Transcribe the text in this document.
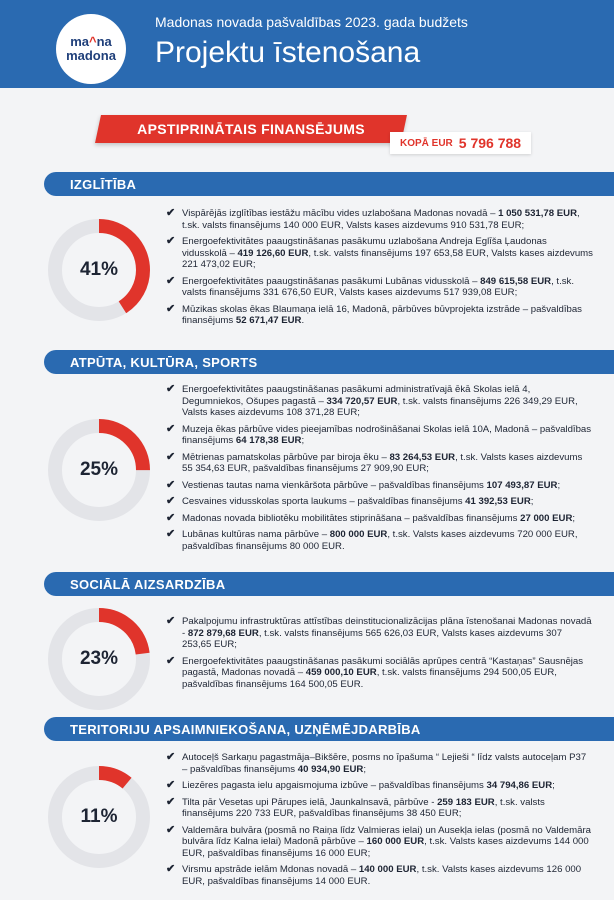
ma^na
madona
Madonas novada pašvaldības 2023. gada budžets
Projektu īstenošana
APSTIPRINĀTAIS FINANSĒJUMS
KOPĀ EUR 5 796 788
IZGLĪTĪBA
41%
✔ Vispārējās izglītības iestāžu mācību vides uzlabošana Madonas novadā – 1 050 531,78 EUR, t.sk. valsts finansējums 140 000 EUR, Valsts kases aizdevums 910 531,78 EUR;
✔ Energoefektivitātes paaugstināšanas pasākumu uzlabošana Andreja Eglīša Ļaudonas vidusskolā – 419 126,60 EUR, t.sk. valsts finansējums 197 653,58 EUR, Valsts kases aizdevums 221 473,02 EUR;
✔ Energoefektivitātes paaugstināšanas pasākumi Lubānas vidusskolā – 849 615,58 EUR, t.sk. valsts finansējums 331 676,50 EUR, Valsts kases aizdevums 517 939,08 EUR;
✔ Mūzikas skolas ēkas Blaumaņa ielā 16, Madonā, pārbūves būvprojekta izstrāde – pašvaldības finansējums 52 671,47 EUR.
ATPŪTA, KULTŪRA, SPORTS
25%
✔ Energoefektivitātes paaugstināšanas pasākumi administratīvajā ēkā Skolas ielā 4, Degumniekos, Ošupes pagastā – 334 720,57 EUR, t.sk. valsts finansējums 226 349,29 EUR, Valsts kases aizdevums 108 371,28 EUR;
✔ Muzeja ēkas pārbūve vides pieejamības nodrošināšanai Skolas ielā 10A, Madonā – pašvaldības finansējums 64 178,38 EUR;
✔ Mētrienas pamatskolas pārbūve par biroja ēku – 83 264,53 EUR, t.sk. Valsts kases aizdevums 55 354,63 EUR, pašvaldības finansējums 27 909,90 EUR;
✔ Vestienas tautas nama vienkāršota pārbūve – pašvaldības finansējums 107 493,87 EUR;
✔ Cesvaines vidusskolas sporta laukums – pašvaldības finansējums 41 392,53 EUR;
✔ Madonas novada bibliotēku mobilitātes stiprināšana – pašvaldības finansējums 27 000 EUR;
✔ Lubānas kultūras nama pārbūve – 800 000 EUR, t.sk. Valsts kases aizdevums 720 000 EUR, pašvaldības finansējums 80 000 EUR.
SOCIĀLĀ AIZSARDZĪBA
23%
✔ Pakalpojumu infrastruktūras attīstības deinstitucionalizācijas plāna īstenošanai Madonas novadā - 872 879,68 EUR, t.sk. valsts finansējums 565 626,03 EUR, Valsts kases aizdevums 307 253,65 EUR;
✔ Energoefektivitātes paaugstināšanas pasākumi sociālās aprūpes centrā “Kastaņas” Sausnējas pagastā, Madonas novadā – 459 000,10 EUR, t.sk. valsts finansējums 294 500,05 EUR, pašvaldības finansējums 164 500,05 EUR.
TERITORIJU APSAIMNIEKOŠANA, UZŅĒMĒJDARBĪBA
11%
✔ Autoceļš Sarkaņu pagastmāja–Bikšēre, posms no īpašuma “ Lejieši “ līdz valsts autoceļam P37 – pašvaldības finansējums 40 934,90 EUR;
✔ Liezēres pagasta ielu apgaismojuma izbūve – pašvaldības finansējums 34 794,86 EUR;
✔ Tilta pār Vesetas upi Pārupes ielā, Jaunkalnsavā, pārbūve - 259 183 EUR, t.sk. valsts finansējums 220 733 EUR, pašvaldības finansējums 38 450 EUR;
✔ Valdemāra bulvāra (posmā no Raiņa līdz Valmieras ielai) un Ausekļa ielas (posmā no Valdemāra bulvāra līdz Kalna ielai) Madonā pārbūve – 160 000 EUR, t.sk. Valsts kases aizdevums 144 000 EUR, pašvaldības finansējums 16 000 EUR;
✔ Virsmu apstrāde ielām Mdonas novadā – 140 000 EUR, t.sk. Valsts kases aizdevums 126 000 EUR, pašvaldības finansējums 14 000 EUR.
